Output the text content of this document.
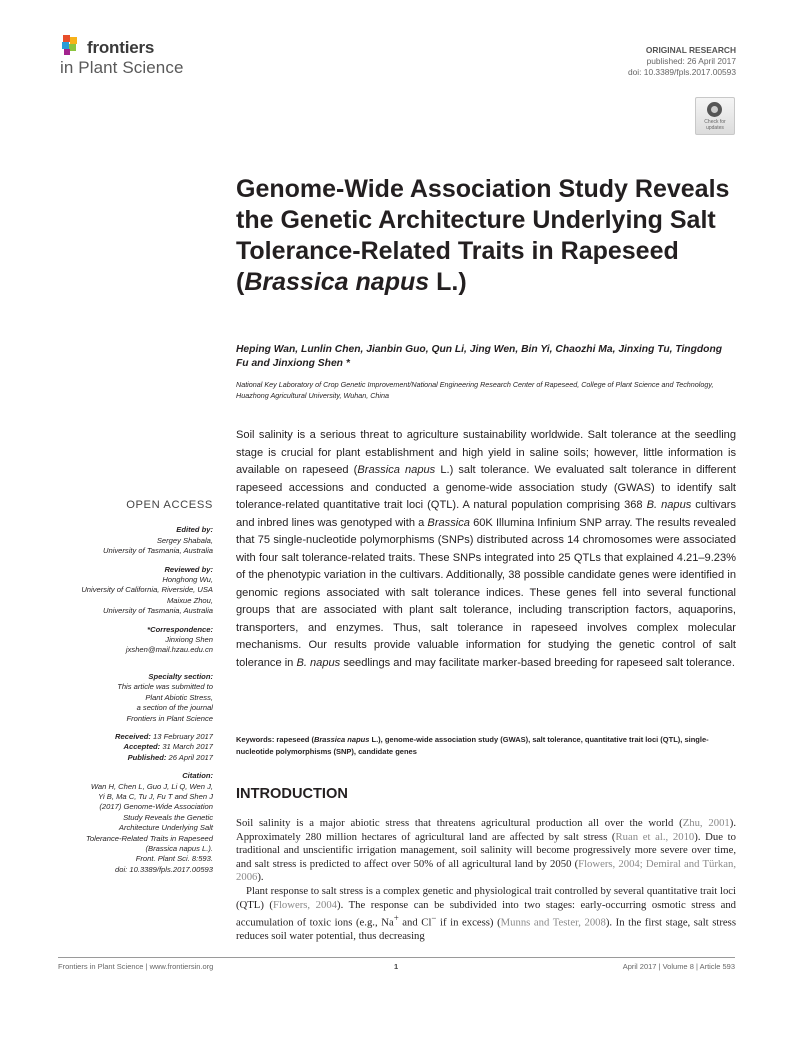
frontiers
in Plant Science
ORIGINAL RESEARCH
published: 26 April 2017
doi: 10.3389/fpls.2017.00593
Check for updates
Genome-Wide Association Study Reveals the Genetic Architecture Underlying Salt Tolerance-Related Traits in Rapeseed (Brassica napus L.)
Heping Wan, Lunlin Chen, Jianbin Guo, Qun Li, Jing Wen, Bin Yi, Chaozhi Ma, Jinxing Tu, Tingdong Fu and Jinxiong Shen *
National Key Laboratory of Crop Genetic Improvement/National Engineering Research Center of Rapeseed, College of Plant Science and Technology, Huazhong Agricultural University, Wuhan, China
Soil salinity is a serious threat to agriculture sustainability worldwide. Salt tolerance at the seedling stage is crucial for plant establishment and high yield in saline soils; however, little information is available on rapeseed (Brassica napus L.) salt tolerance. We evaluated salt tolerance in different rapeseed accessions and conducted a genome-wide association study (GWAS) to identify salt tolerance-related quantitative trait loci (QTL). A natural population comprising 368 B. napus cultivars and inbred lines was genotyped with a Brassica 60K Illumina Infinium SNP array. The results revealed that 75 single-nucleotide polymorphisms (SNPs) distributed across 14 chromosomes were associated with four salt tolerance-related traits. These SNPs integrated into 25 QTLs that explained 4.21–9.23% of the phenotypic variation in the cultivars. Additionally, 38 possible candidate genes were identified in genomic regions associated with salt tolerance indices. These genes fell into several functional groups that are associated with plant salt tolerance, including transcription factors, aquaporins, transporters, and enzymes. Thus, salt tolerance in rapeseed involves complex molecular mechanisms. Our results provide valuable information for studying the genetic control of salt tolerance in B. napus seedlings and may facilitate marker-based breeding for rapeseed salt tolerance.
Keywords: rapeseed (Brassica napus L.), genome-wide association study (GWAS), salt tolerance, quantitative trait loci (QTL), single-nucleotide polymorphisms (SNP), candidate genes
INTRODUCTION

Soil salinity is a major abiotic stress that threatens agricultural production all over the world (Zhu, 2001). Approximately 280 million hectares of agricultural land are affected by salt stress (Ruan et al., 2010). Due to traditional and unscientific irrigation management, soil salinity will become progressively more severe over time, and salt stress is predicted to affect over 50% of all agricultural land by 2050 (Flowers, 2004; Demiral and Türkan, 2006).

Plant response to salt stress is a complex genetic and physiological trait controlled by several quantitative trait loci (QTL) (Flowers, 2004). The response can be subdivided into two stages: early-occurring osmotic stress and accumulation of toxic ions (e.g., Na+ and Cl− if in excess) (Munns and Tester, 2008). In the first stage, salt stress reduces soil water potential, thus decreasing

OPEN ACCESS
Edited by:
Sergey Shabala,
University of Tasmania, Australia
Reviewed by:
Honghong Wu,
University of California, Riverside, USA
Maixue Zhou,
University of Tasmania, Australia
*Correspondence:
Jinxiong Shen
jxshen@mail.hzau.edu.cn
Specialty section:
This article was submitted to
Plant Abiotic Stress,
a section of the journal
Frontiers in Plant Science
Received: 13 February 2017
Accepted: 31 March 2017
Published: 26 April 2017
Citation:
Wan H, Chen L, Guo J, Li Q, Wen J,
Yi B, Ma C, Tu J, Fu T and Shen J
(2017) Genome-Wide Association
Study Reveals the Genetic
Architecture Underlying Salt
Tolerance-Related Traits in Rapeseed
(Brassica napus L.).
Front. Plant Sci. 8:593.
doi: 10.3389/fpls.2017.00593
Frontiers in Plant Science | www.frontiersin.org	1	April 2017 | Volume 8 | Article 593
